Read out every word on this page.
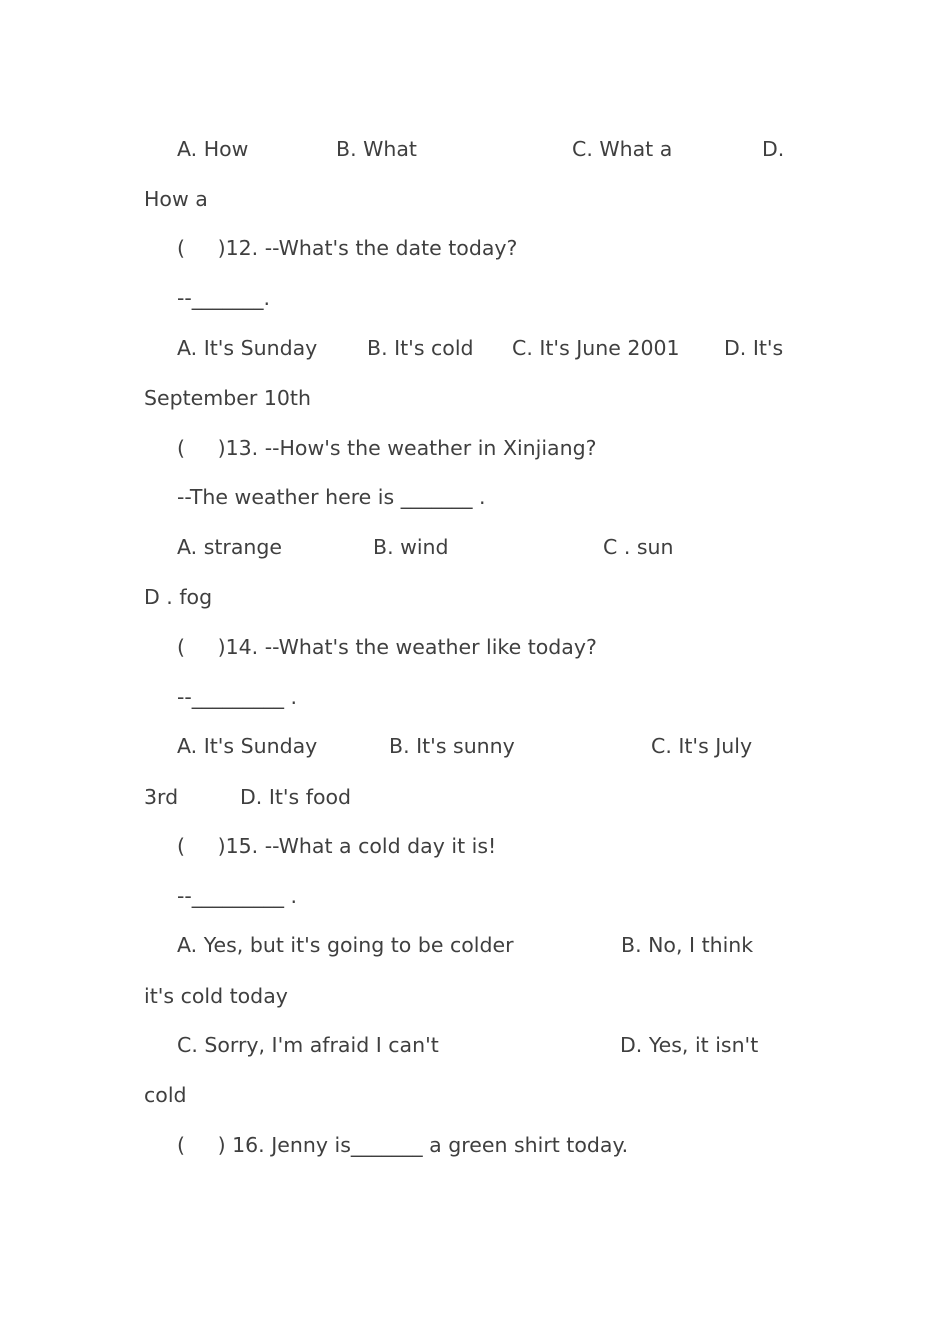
A. How

	B. What

	C. What a

	D.

How a

(     )12. --What's the date today?

--_______.

A. It's Sunday

B. It's cold

C. It's June 2001

D. It's

September 10th

(     )13. --How's the weather in Xinjiang?

--The weather here is _______ .

A. strange

	B. wind

	C . sun

D . fog

(     )14. --What's the weather like today?

--_________ .

A. It's Sunday

	B. It's sunny

	C. It's July

3rd

	D. It's food

(     )15. --What a cold day it is!

--_________ .

A. Yes, but it's going to be colder

	B. No, I think

it's cold today

C. Sorry, I'm afraid I can't

	D. Yes, it isn't

cold

(     ) 16. Jenny is_______ a green shirt today.
